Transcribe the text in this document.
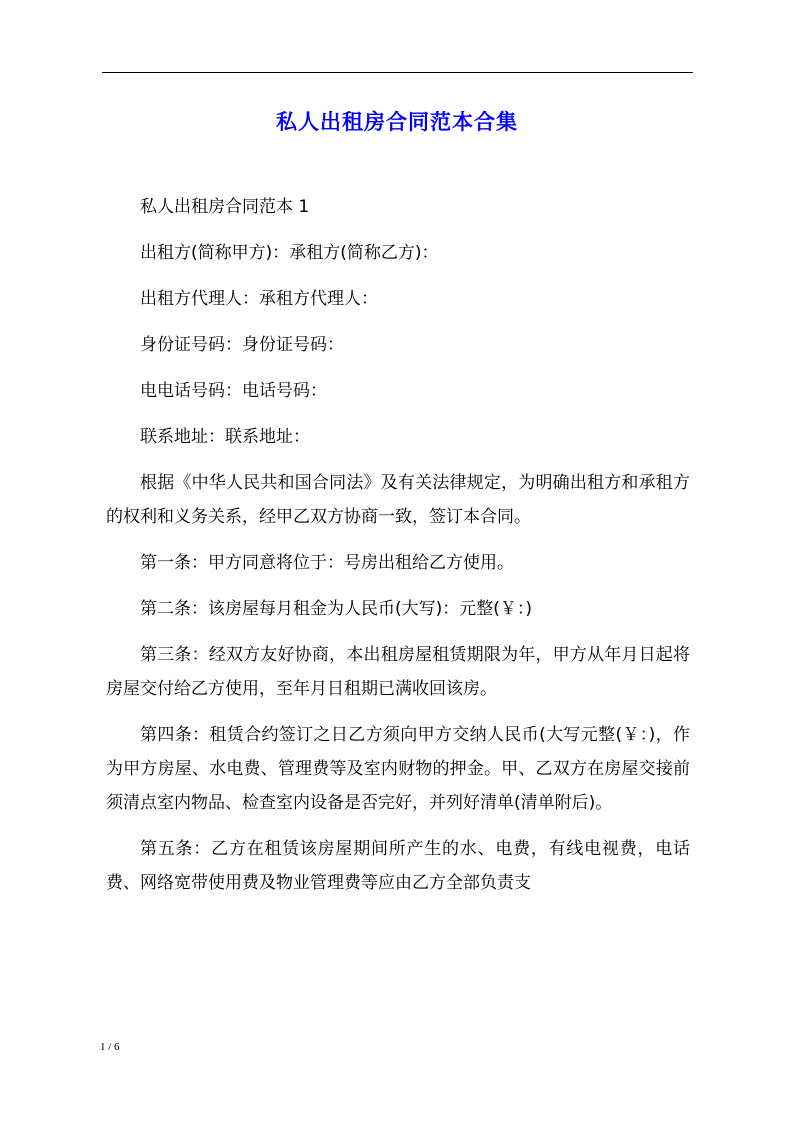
私人出租房合同范本合集

私人出租房合同范本 1

出租方(简称甲方)：承租方(简称乙方)：

出租方代理人：承租方代理人：

身份证号码：身份证号码：

电电话号码：电话号码：

联系地址：联系地址：

根据《中华人民共和国合同法》及有关法律规定，为明确出租方和承租方的权利和义务关系，经甲乙双方协商一致，签订本合同。

第一条：甲方同意将位于：号房出租给乙方使用。

第二条：该房屋每月租金为人民币(大写)：元整(￥：)

第三条：经双方友好协商，本出租房屋租赁期限为年，甲方从年月日起将房屋交付给乙方使用，至年月日租期已满收回该房。

第四条：租赁合约签订之日乙方须向甲方交纳人民币(大写元整(￥：)，作为甲方房屋、水电费、管理费等及室内财物的押金。甲、乙双方在房屋交接前须清点室内物品、检查室内设备是否完好，并列好清单(清单附后)。

第五条：乙方在租赁该房屋期间所产生的水、电费，有线电视费，电话费、网络宽带使用费及物业管理费等应由乙方全部负责支

1 / 6
